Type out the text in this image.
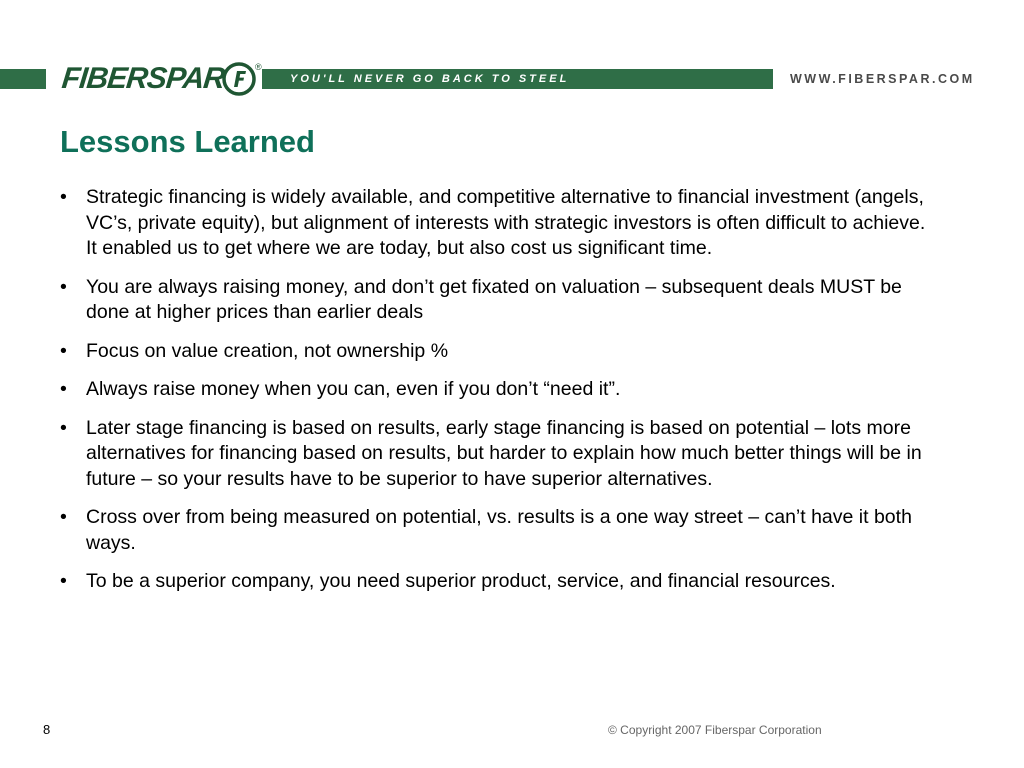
FIBERSPAR	®
YOU'LL NEVER GO BACK TO STEEL	WWW.FIBERSPAR.COM
Lessons Learned
• Strategic financing is widely available, and competitive alternative to financial investment (angels, VC’s, private equity), but alignment of interests with strategic investors is often difficult to achieve. It enabled us to get where we are today, but also cost us significant time.
• You are always raising money, and don’t get fixated on valuation – subsequent deals MUST be done at higher prices than earlier deals
• Focus on value creation, not ownership %
• Always raise money when you can, even if you don’t “need it”.
• Later stage financing is based on results, early stage financing is based on potential – lots more alternatives for financing based on results, but harder to explain how much better things will be in future – so your results have to be superior to have superior alternatives.
• Cross over from being measured on potential, vs. results is a one way street – can’t have it both ways.
• To be a superior company, you need superior product, service, and financial resources.
8	© Copyright 2007 Fiberspar Corporation
